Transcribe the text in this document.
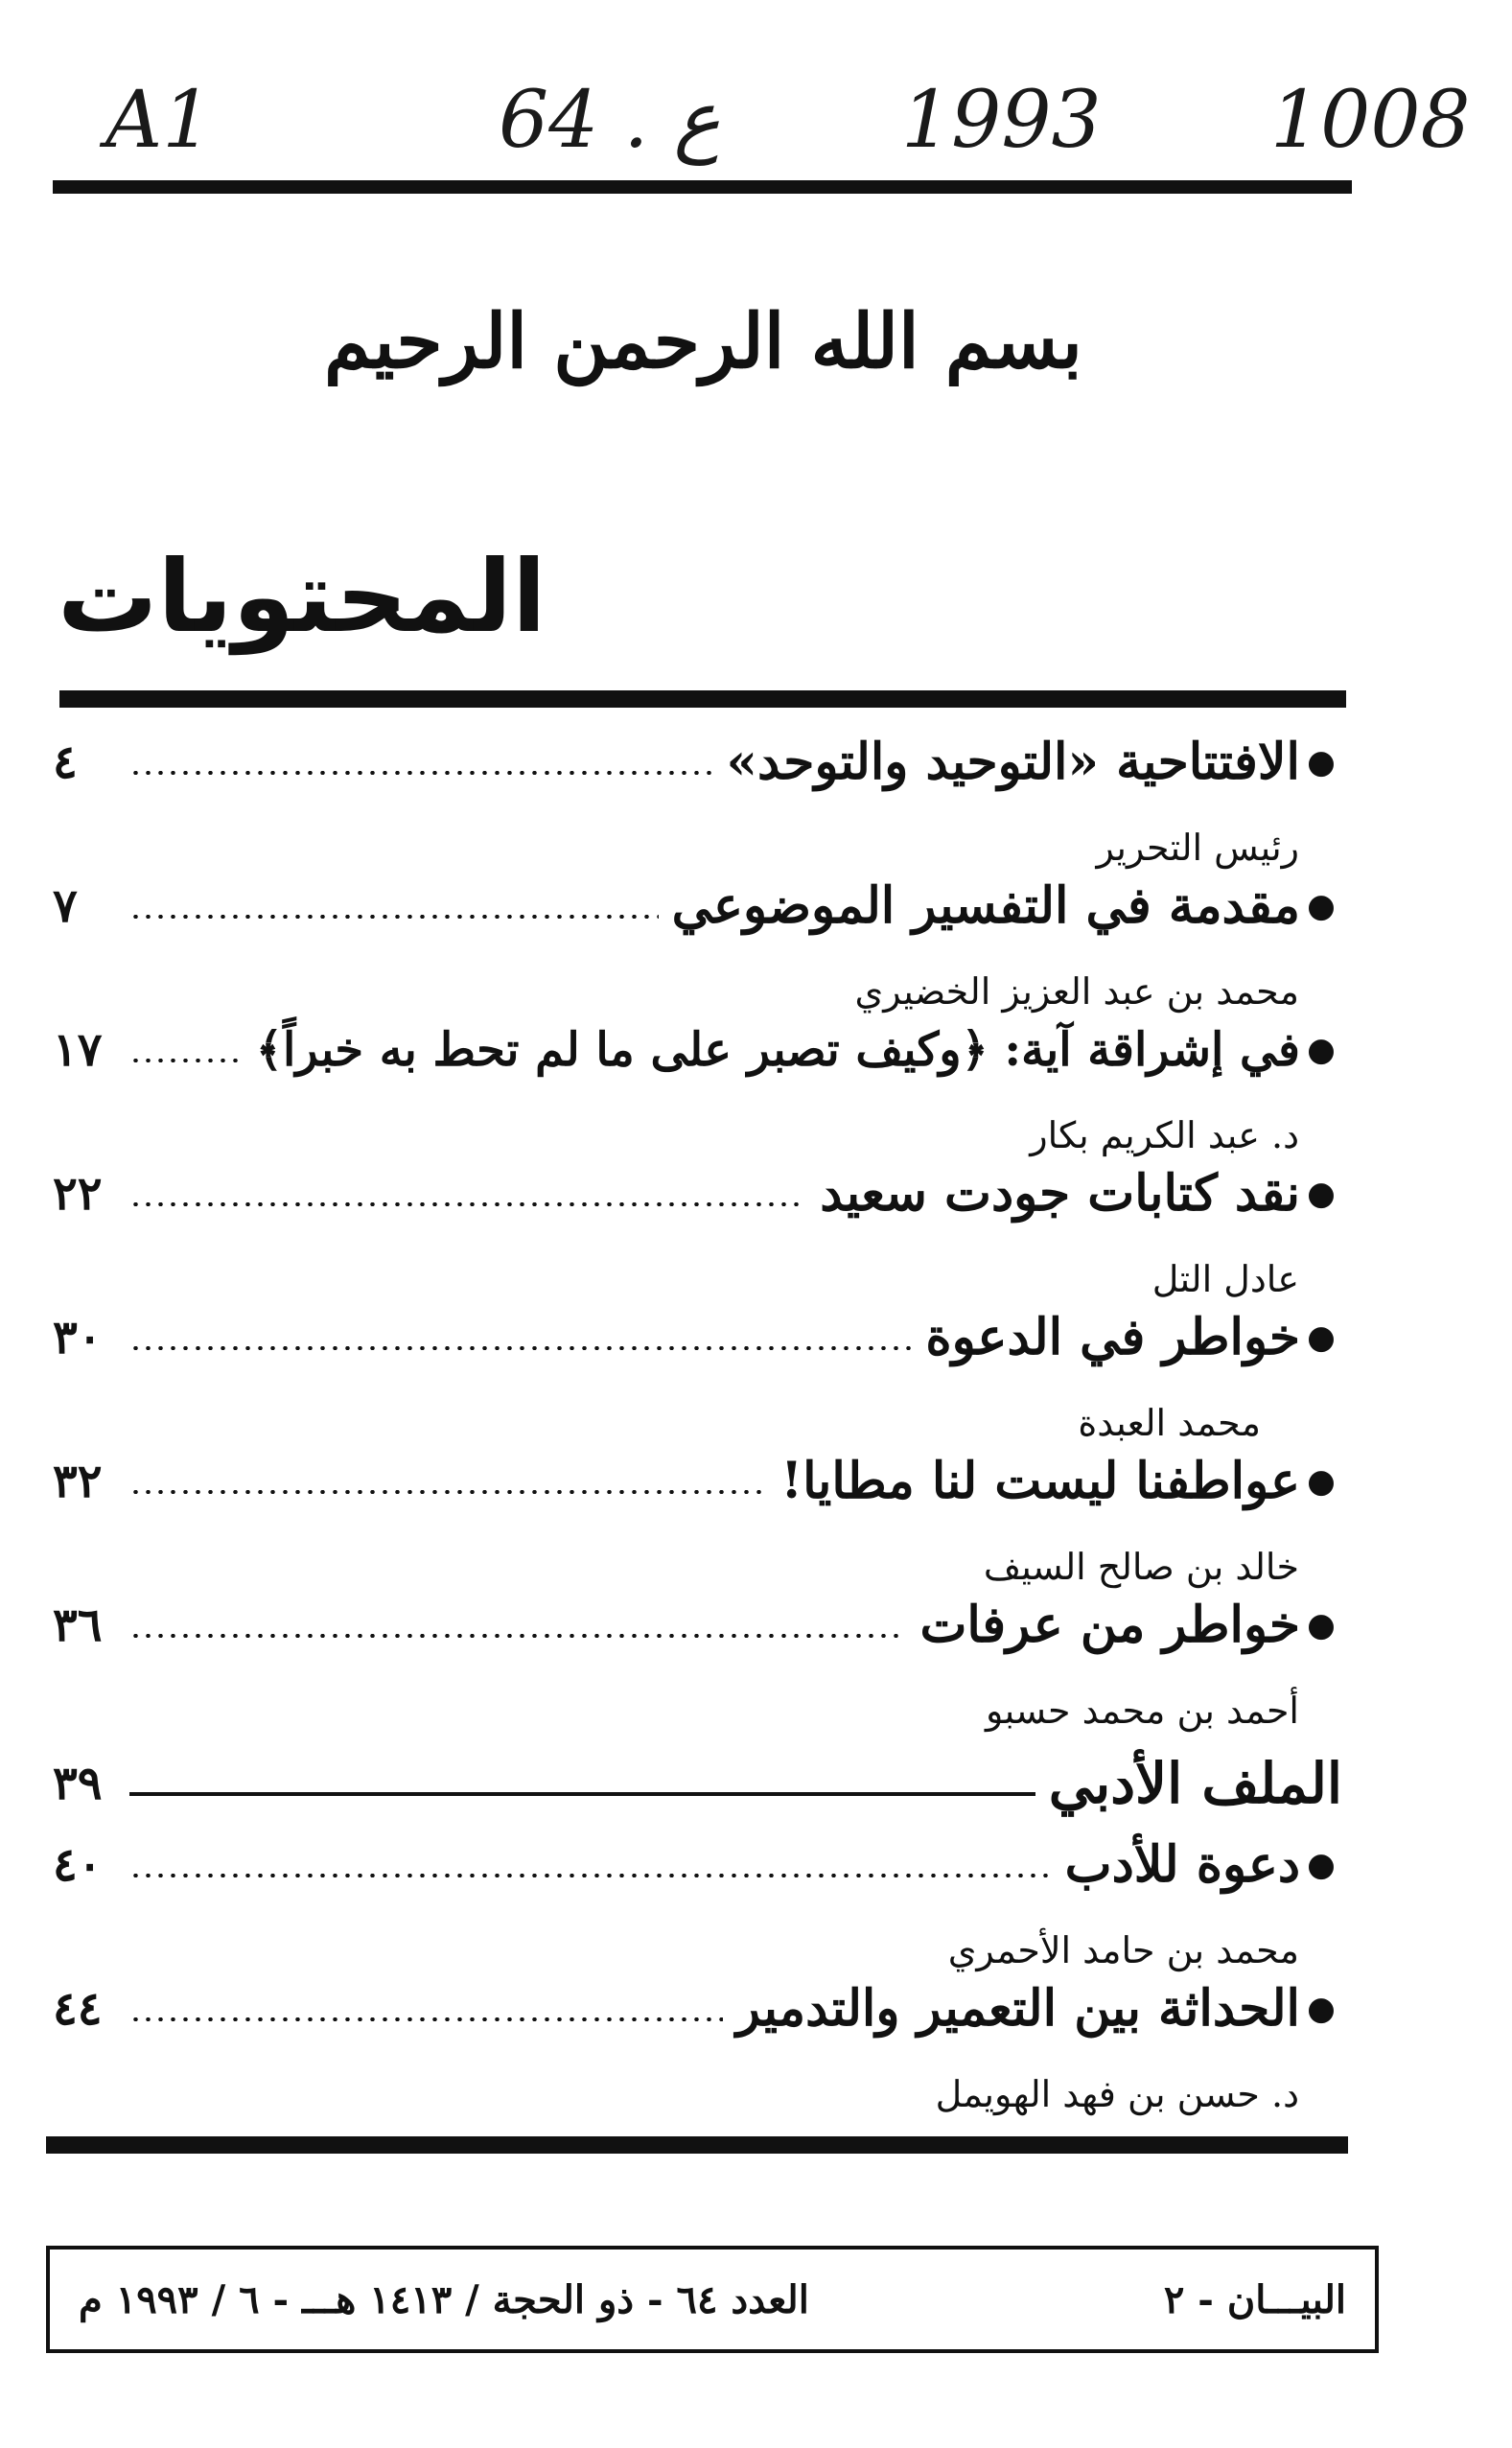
A1	64 . ع 1993 1008
بسم الله الرحمن الرحيم
المحتويات
●
الافتتاحية «التوحيد والتوحد»
٤
رئيس التحرير
●
مقدمة في التفسير الموضوعي
٧
محمد بن عبد العزيز الخضيري
●
في إشراقة آية: ﴿وكيف تصبر على ما لم تحط به خبراً﴾
١٧
د. عبد الكريم بكار
●
نقد كتابات جودت سعيد
٢٢
عادل التل
●
خواطر في الدعوة
٣٠
محمد العبدة
●
عواطفنا ليست لنا مطايا!
٣٢
خالد بن صالح السيف
●
خواطر من عرفات
٣٦
أحمد بن محمد حسبو
الملف الأدبي
٣٩
●
دعوة للأدب
٤٠
محمد بن حامد الأحمري
●
الحداثة بين التعمير والتدمير
٤٤
د. حسن بن فهد الهويمل
البيـــان - ٢
العدد ٦٤ - ذو الحجة / ١٤١٣ هـــ - ٦ / ١٩٩٣ م
